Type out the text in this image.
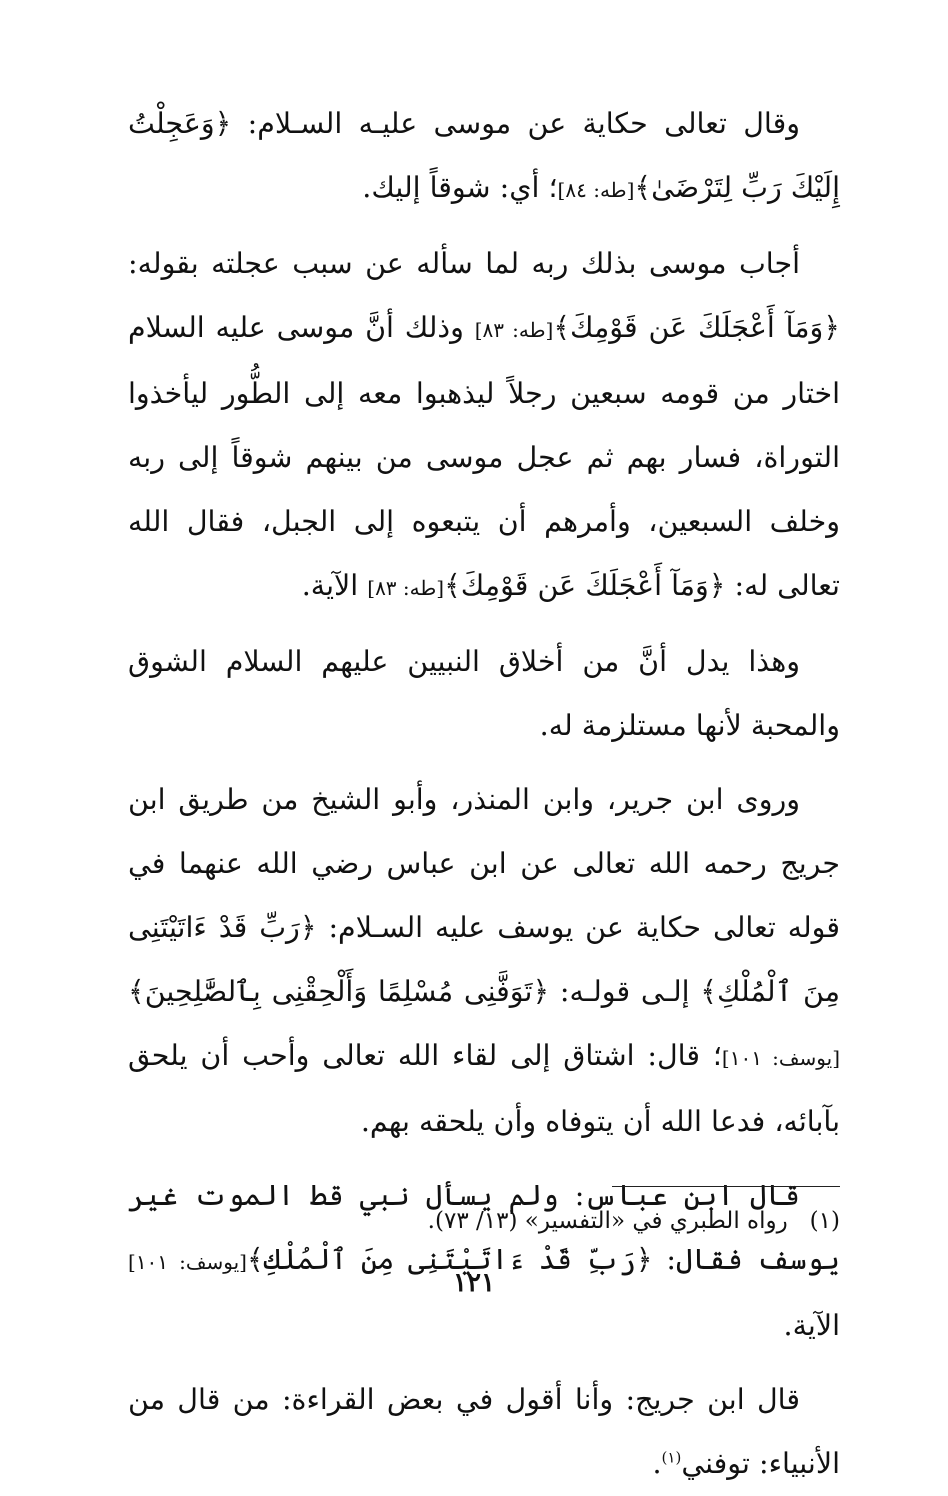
وقال تعالى حكاية عن موسى عليـه السـلام: ﴿وَعَجِلْتُ إِلَيْكَ رَبِّ لِتَرْضَىٰ﴾[طه: ٨٤]؛ أي: شوقاً إليك.

أجاب موسى بذلك ربه لما سأله عن سبب عجلته بقوله: ﴿وَمَآ أَعْجَلَكَ عَن قَوْمِكَ﴾[طه: ٨٣] وذلك أنَّ موسى عليه السلام اختار من قومه سبعين رجلاً ليذهبوا معه إلى الطُّور ليأخذوا التوراة، فسار بهم ثم عجل موسى من بينهم شوقاً إلى ربه وخلف السبعين، وأمرهم أن يتبعوه إلى الجبل، فقال الله تعالى له: ﴿وَمَآ أَعْجَلَكَ عَن قَوْمِكَ﴾[طه: ٨٣] الآية.

وهذا يدل أنَّ من أخلاق النبيين عليهم السلام الشوق والمحبة لأنها مستلزمة له.

وروى ابن جرير، وابن المنذر، وأبو الشيخ من طريق ابن جريج رحمه الله تعالى عن ابن عباس رضي الله عنهما في قوله تعالى حكاية عن يوسف عليه السـلام: ﴿رَبِّ قَدْ ءَاتَيْتَنِى مِنَ ٱلْمُلْكِ﴾ إلـى قولـه: ﴿تَوَفَّنِى مُسْلِمًا وَأَلْحِقْنِى بِٱلصَّٰلِحِينَ﴾[يوسف: ١٠١]؛ قال: اشتاق إلى لقاء الله تعالى وأحب أن يلحق بآبائه، فدعا الله أن يتوفاه وأن يلحقه بهم.

قال ابن عباس: ولم يسأل نبي قط الموت غير يوسف فقال: ﴿رَبِّ قَدْ ءَاتَيْتَنِى مِنَ ٱلْمُلْكِ﴾[يوسف: ١٠١] الآية.

قال ابن جريج: وأنا أقول في بعض القراءة: من قال من الأنبياء: توفني$^{(١)}$.

(١)رواه الطبري في «التفسير» (١٣/ ٧٣).
١٢١
